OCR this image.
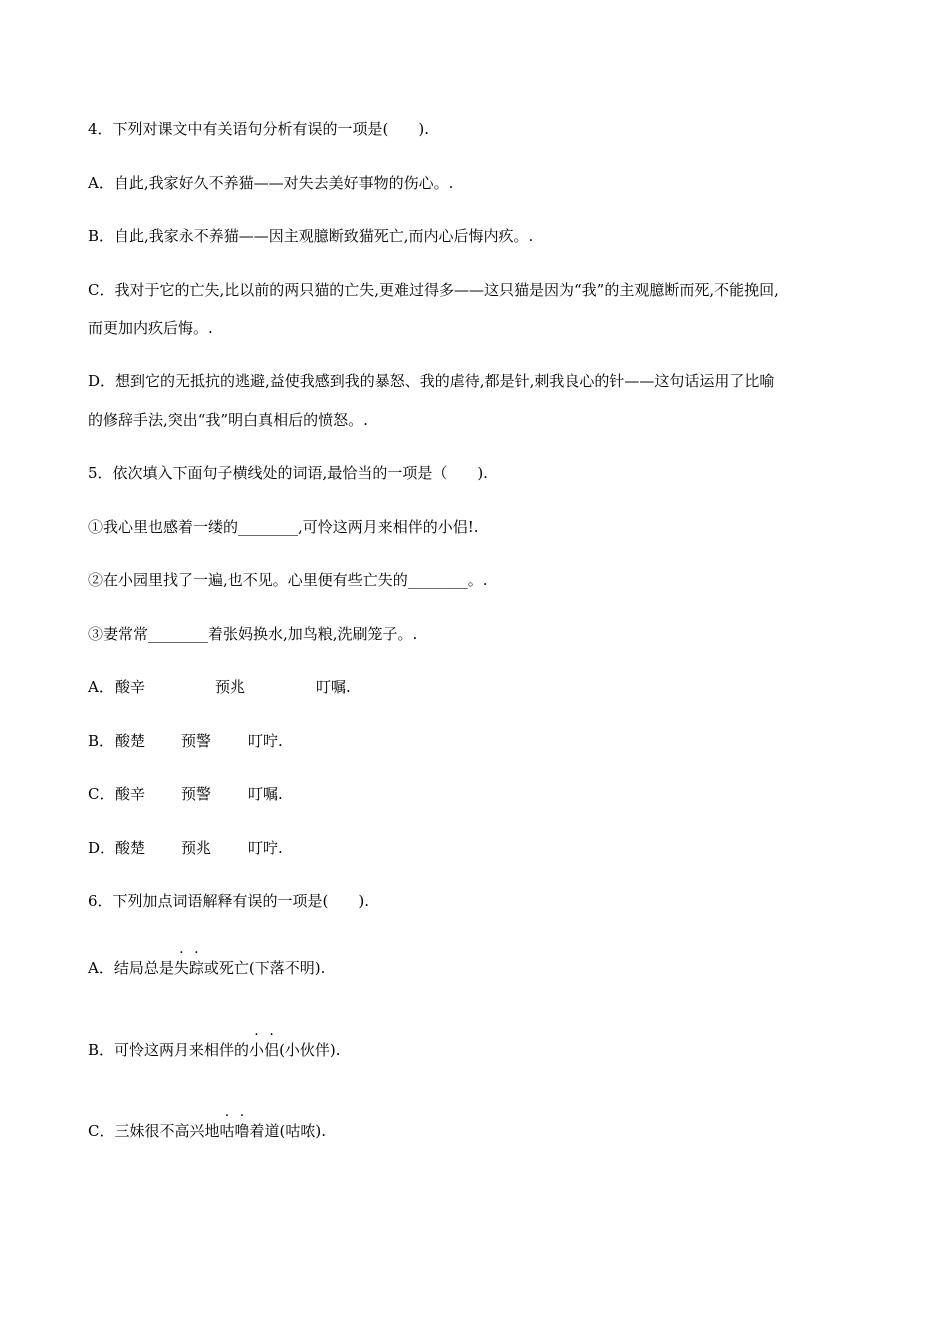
4．下列对课文中有关语句分析有误的一项是(　　).
A．自此,我家好久不养猫——对失去美好事物的伤心。.
B．自此,我家永不养猫——因主观臆断致猫死亡,而内心后悔内疚。.
C．我对于它的亡失,比以前的两只猫的亡失,更难过得多——这只猫是因为“我”的主观臆断而死,不能挽回,
而更加内疚后悔。.
D．想到它的无抵抗的逃避,益使我感到我的暴怒、我的虐待,都是针,刺我良心的针——这句话运用了比喻
的修辞手法,突出“我”明白真相后的愤怒。.
5．依次填入下面句子横线处的词语,最恰当的一项是（　　).
①我心里也感着一缕的________,可怜这两月来相伴的小侣!.
②在小园里找了一遍,也不见。心里便有些亡失的________。.
③妻常常________着张妈换水,加鸟粮,洗刷笼子。.
A． 酸辛	预兆	叮嘱.
B． 酸楚 预警 叮咛.
C． 酸辛 预警 叮嘱.
D． 酸楚 预兆 叮咛.
6．下列加点词语解释有误的一项是(　　).
A．结局总是失踪或死亡(下落不明).
B．可怜这两月来相伴的小侣(小伙伴).
C．三妹很不高兴地咕噜着道(咕哝).
